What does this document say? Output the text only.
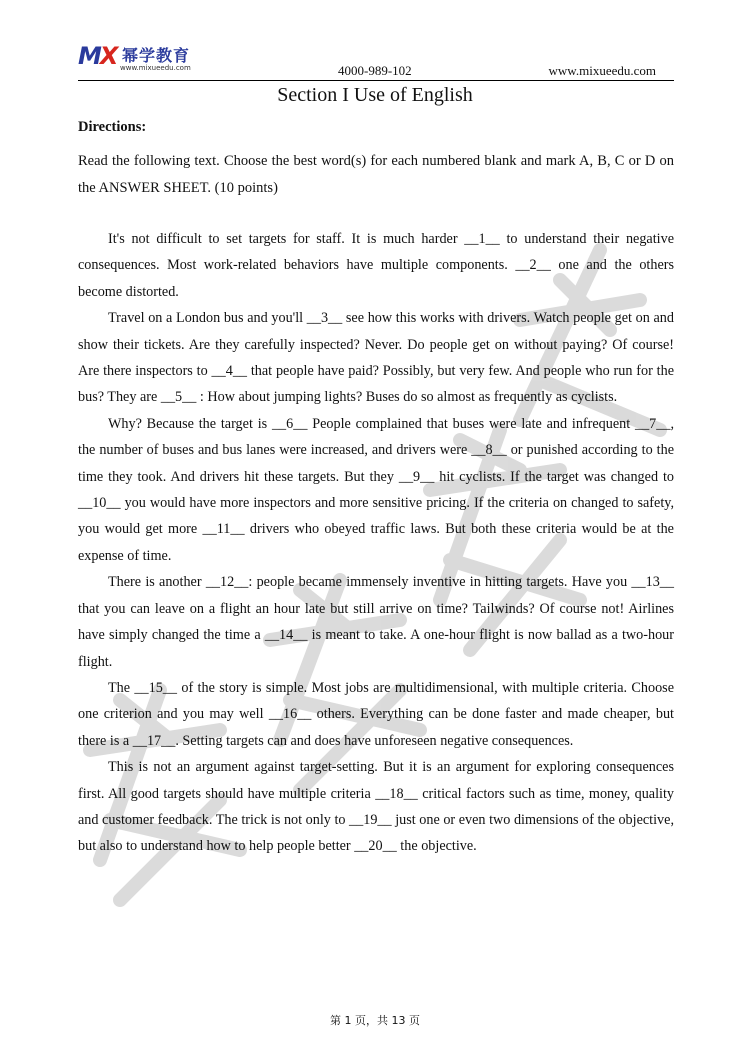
MX 幂学教育
www.mixueedu.com	4000-989-102	www.mixueedu.com
Section I Use of English
Directions:
Read the following text. Choose the best word(s) for each numbered blank and mark A, B, C or D on the ANSWER SHEET. (10 points)

It's not difficult to set targets for staff. It is much harder __1__ to understand their negative consequences. Most work-related behaviors have multiple components. __2__ one and the others become distorted.

Travel on a London bus and you'll __3__ see how this works with drivers. Watch people get on and show their tickets. Are they carefully inspected? Never. Do people get on without paying? Of course! Are there inspectors to __4__ that people have paid? Possibly, but very few. And people who run for the bus? They are __5__ : How about jumping lights? Buses do so almost as frequently as cyclists.

Why? Because the target is __6__ People complained that buses were late and infrequent __7__, the number of buses and bus lanes were increased, and drivers were __8__ or punished according to the time they took. And drivers hit these targets. But they __9__ hit cyclists. If the target was changed to __10__ you would have more inspectors and more sensitive pricing. If the criteria on changed to safety, you would get more __11__ drivers who obeyed traffic laws. But both these criteria would be at the expense of time.

There is another __12__: people became immensely inventive in hitting targets. Have you __13__ that you can leave on a flight an hour late but still arrive on time? Tailwinds? Of course not! Airlines have simply changed the time a __14__ is meant to take. A one-hour flight is now ballad as a two-hour flight.

The __15__ of the story is simple. Most jobs are multidimensional, with multiple criteria. Choose one criterion and you may well __16__ others. Everything can be done faster and made cheaper, but there is a __17__. Setting targets can and does have unforeseen negative consequences.

This is not an argument against target-setting. But it is an argument for exploring consequences first. All good targets should have multiple criteria __18__ critical factors such as time, money, quality and customer feedback. The trick is not only to __19__ just one or even two dimensions of the objective, but also to understand how to help people better __20__ the objective.

第 1 页，共 13 页
